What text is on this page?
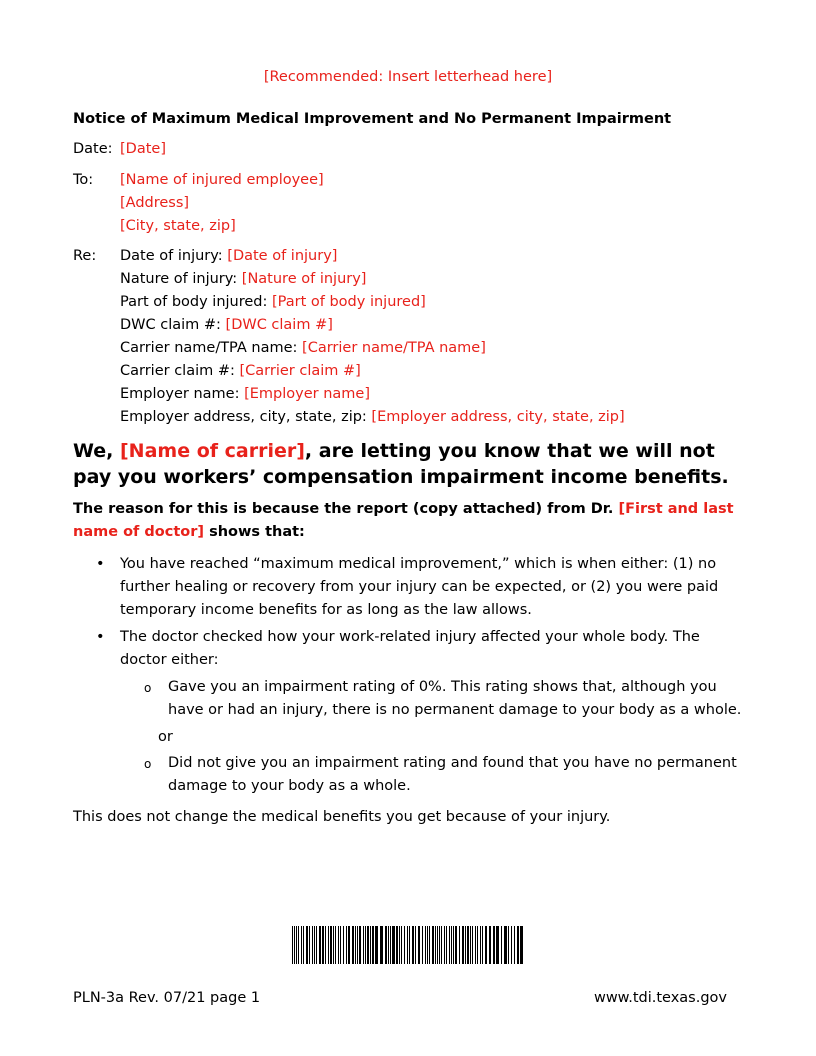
[Recommended: Insert letterhead here]
Notice of Maximum Medical Improvement and No Permanent Impairment
Date: [Date]
To: [Name of injured employee]
[Address]
[City, state, zip]
Re: Date of injury: [Date of injury]
Nature of injury: [Nature of injury]
Part of body injured: [Part of body injured]
DWC claim #: [DWC claim #]
Carrier name/TPA name: [Carrier name/TPA name]
Carrier claim #: [Carrier claim #]
Employer name: [Employer name]
Employer address, city, state, zip: [Employer address, city, state, zip]
We, [Name of carrier], are letting you know that we will not pay you workers’ compensation impairment income benefits.
The reason for this is because the report (copy attached) from Dr. [First and last name of doctor] shows that:
• You have reached “maximum medical improvement,” which is when either: (1) no further healing or recovery from your injury can be expected, or (2) you were paid temporary income benefits for as long as the law allows.
• The doctor checked how your work-related injury affected your whole body. The doctor either:
o	Gave you an impairment rating of 0%. This rating shows that, although you have or had an injury, there is no permanent damage to your body as a whole.
or
o	Did not give you an impairment rating and found that you have no permanent damage to your body as a whole.
This does not change the medical benefits you get because of your injury.
PLN-3a Rev. 07/21 page 1	www.tdi.texas.gov
